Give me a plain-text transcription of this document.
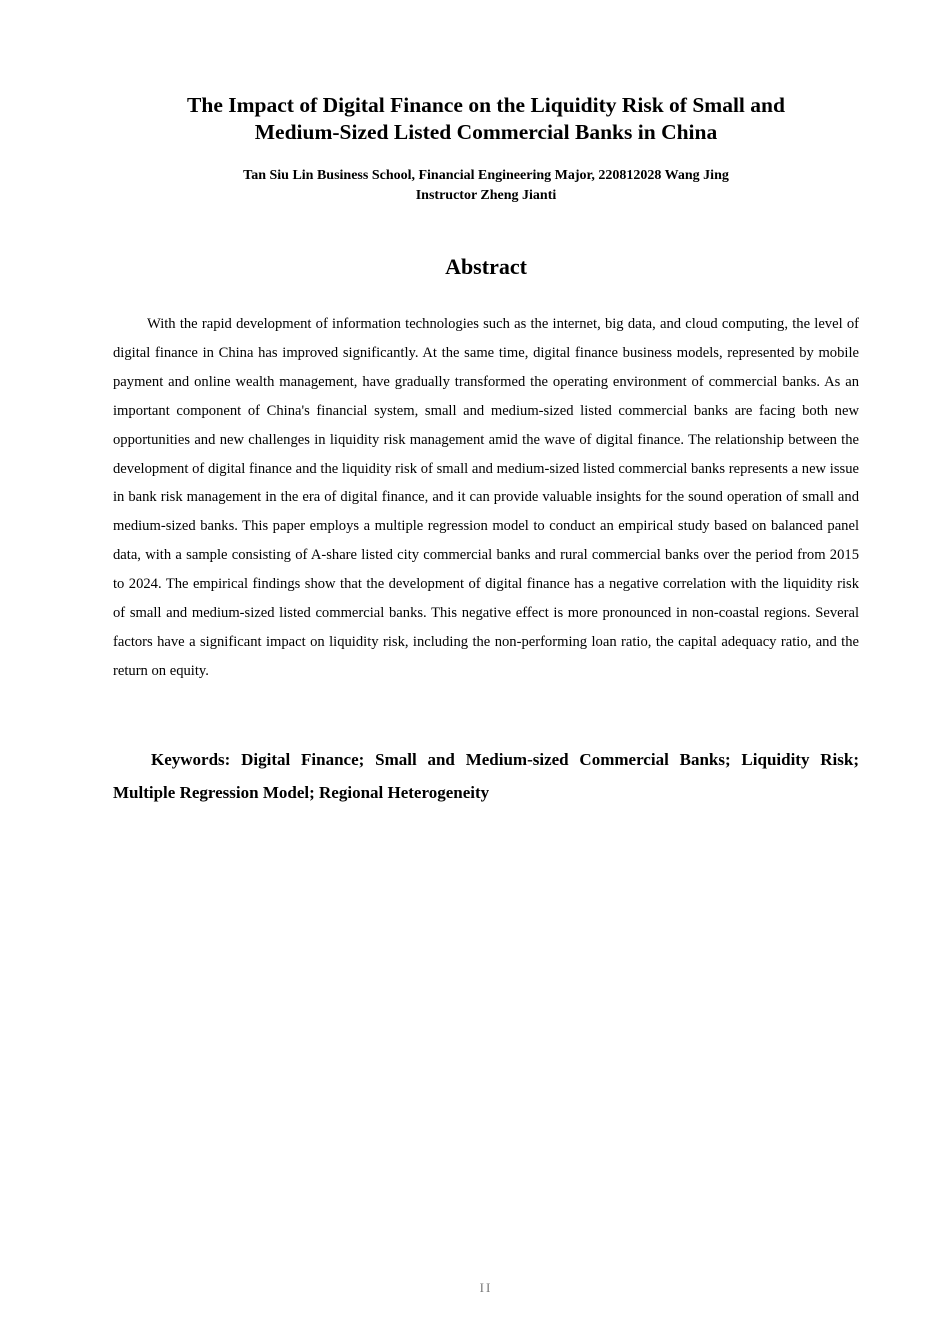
The Impact of Digital Finance on the Liquidity Risk of Small and
Medium-Sized Listed Commercial Banks in China
Tan Siu Lin Business School, Financial Engineering Major, 220812028 Wang Jing
Instructor Zheng Jianti
Abstract

With the rapid development of information technologies such as the internet, big data, and cloud computing, the level of digital finance in China has improved significantly. At the same time, digital finance business models, represented by mobile payment and online wealth management, have gradually transformed the operating environment of commercial banks. As an important component of China's financial system, small and medium-sized listed commercial banks are facing both new opportunities and new challenges in liquidity risk management amid the wave of digital finance. The relationship between the development of digital finance and the liquidity risk of small and medium-sized listed commercial banks represents a new issue in bank risk management in the era of digital finance, and it can provide valuable insights for the sound operation of small and medium-sized banks. This paper employs a multiple regression model to conduct an empirical study based on balanced panel data, with a sample consisting of A-share listed city commercial banks and rural commercial banks over the period from 2015 to 2024. The empirical findings show that the development of digital finance has a negative correlation with the liquidity risk of small and medium-sized listed commercial banks. This negative effect is more pronounced in non-coastal regions. Several factors have a significant impact on liquidity risk, including the non-performing loan ratio, the capital adequacy ratio, and the return on equity.

Keywords: Digital Finance; Small and Medium-sized Commercial Banks; Liquidity Risk; Multiple Regression Model; Regional Heterogeneity

II
